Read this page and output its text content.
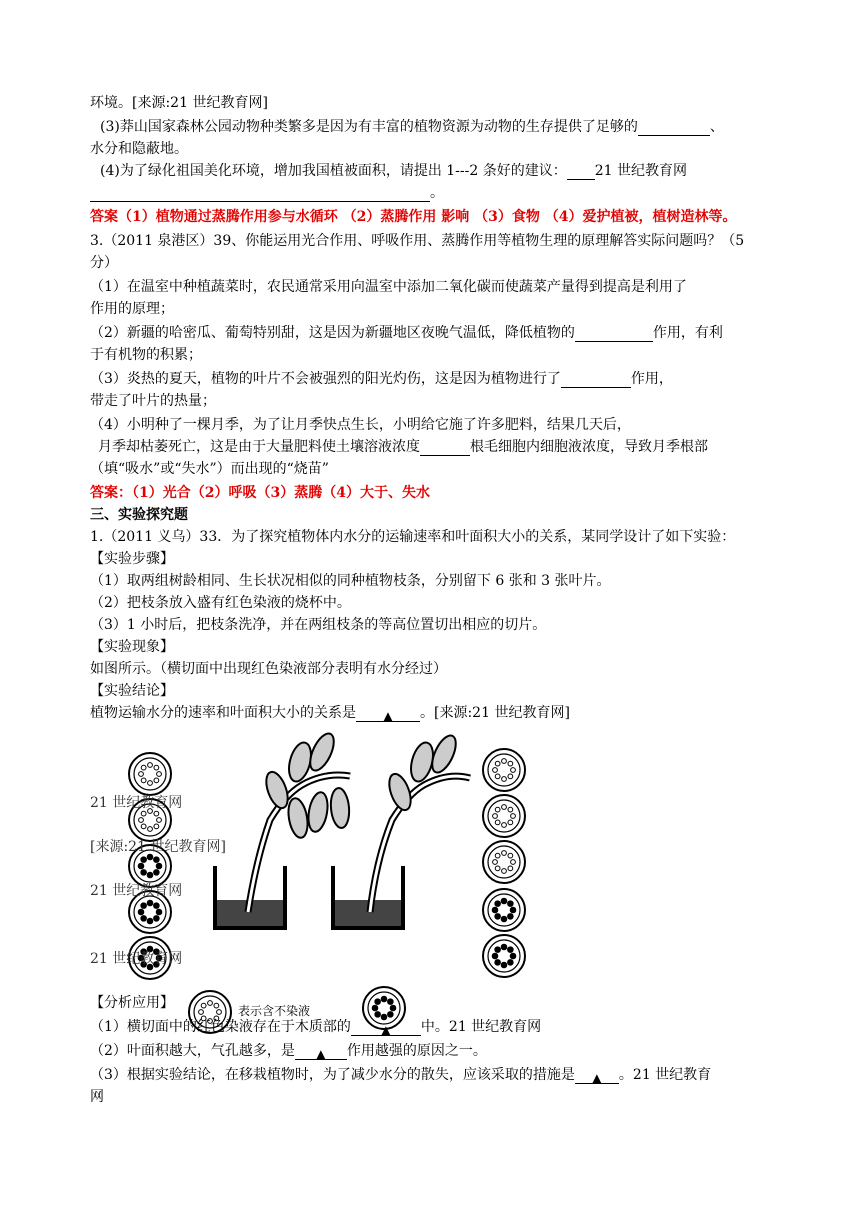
环境。[来源:21 世纪教育网]
(3)莽山国家森林公园动物种类繁多是因为有丰富的植物资源为动物的生存提供了足够的	、
水分和隐蔽地。
(4)为了绿化祖国美化环境，增加我国植被面积，请提出 1---2 条好的建议： 21 世纪教育网
。
答案（1）植物通过蒸腾作用参与水循环 （2）蒸腾作用 影响 （3）食物 （4）爱护植被，植树造林等。
3.（2011 泉港区）39、你能运用光合作用、呼吸作用、蒸腾作用等植物生理的原理解答实际问题吗？（5
分）
（1）在温室中种植蔬菜时，农民通常采用向温室中添加二氧化碳而使蔬菜产量得到提高是利用了
作用的原理；
（2）新疆的哈密瓜、葡萄特别甜，这是因为新疆地区夜晚气温低，降低植物的	作用，有利
于有机物的积累；
（3）炎热的夏天，植物的叶片不会被强烈的阳光灼伤，这是因为植物进行了	作用，
带走了叶片的热量；
（4）小明种了一棵月季，为了让月季快点生长，小明给它施了许多肥料，结果几天后，
月季却枯萎死亡，这是由于大量肥料使土壤溶液浓度	根毛细胞内细胞液浓度，导致月季根部
（填“吸水”或“失水”）而出现的“烧苗”
答案：（1）光合（2）呼吸（3）蒸腾（4）大于、失水
三、实验探究题
1.（2011 义乌）33．为了探究植物体内水分的运输速率和叶面积大小的关系，某同学设计了如下实验：
【实验步骤】
（1）取两组树龄相同、生长状况相似的同种植物枝条，分别留下 6 张和 3 张叶片。
（2）把枝条放入盛有红色染液的烧杯中。
（3）1 小时后，把枝条洗净，并在两组枝条的等高位置切出相应的切片。
【实验现象】
如图所示。（横切面中出现红色染液部分表明有水分经过）
【实验结论】
植物运输水分的速率和叶面积大小的关系是 ▲ 。[来源:21 世纪教育网]
21 世纪教育网
[来源:21 世纪教育网]
21 世纪教育网
21 世纪教育网
表示含不染液
【分析应用】
（1）横切面中的红色染液存在于木质部的	▲ 中。21 世纪教育网
（2）叶面积越大，气孔越多，是 ▲ 作用越强的原因之一。
（3）根据实验结论，在移栽植物时，为了减少水分的散失，应该采取的措施是 ▲ 。21 世纪教育
网
